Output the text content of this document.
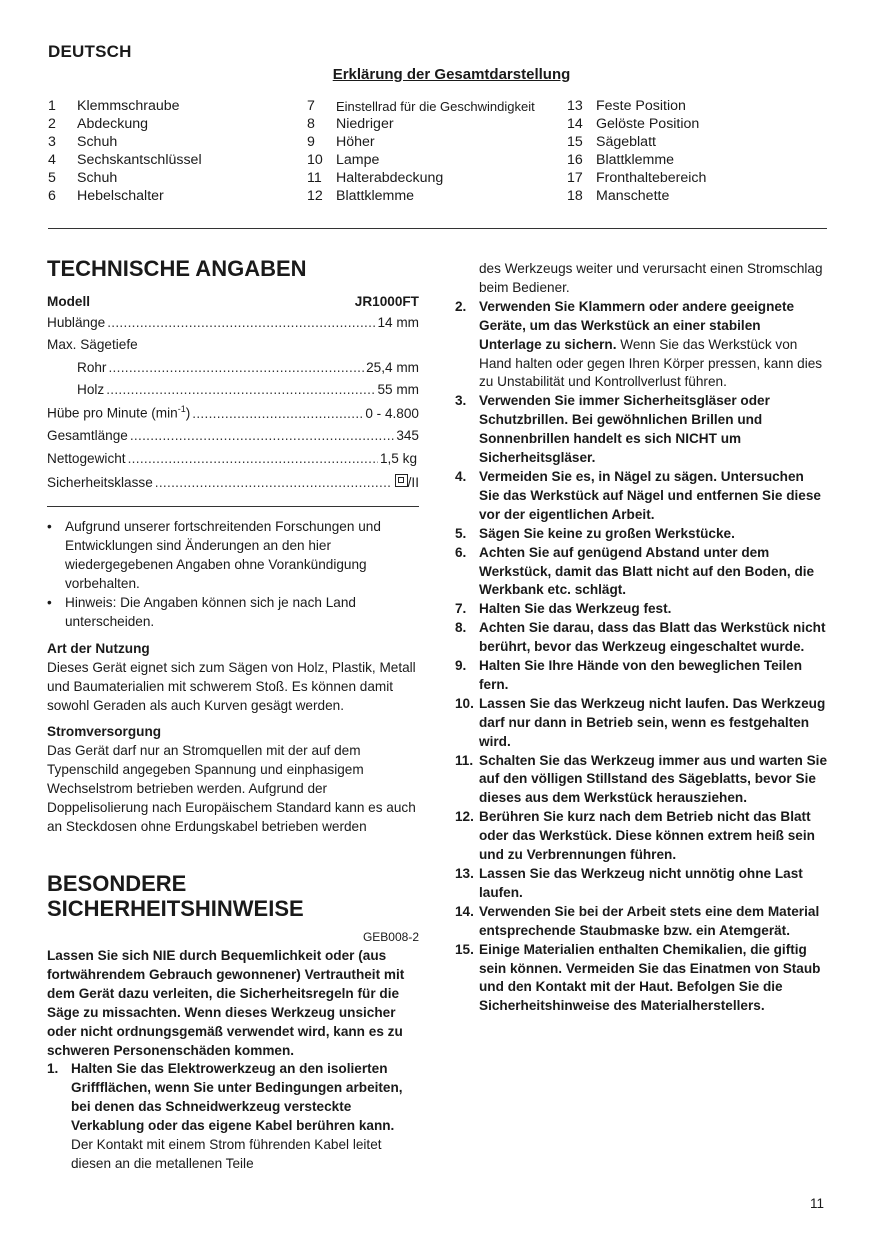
DEUTSCH
Erklärung der Gesamtdarstellung
1	Klemmschraube
2	Abdeckung
3	Schuh
4	Sechskantschlüssel
5	Schuh
6	Hebelschalter
7	Einstellrad für die Geschwindigkeit
8	Niedriger
9	Höher
10 Lampe
11	Halterabdeckung
12 Blattklemme
13 Feste Position
14 Gelöste Position
15 Sägeblatt
16 Blattklemme
17 Fronthaltebereich
18 Manschette
TECHNISCHE ANGABEN
Modell	JR1000FT
Hublänge .....	14 mm
Max. Sägetiefe
Rohr .....	25,4 mm
Holz .....	55 mm
Hübe pro Minute $(\min^{-1})$ .....	0 - 4.800
Gesamtlänge .....	345
Nettogewicht .....	1,5 kg
Sicherheitsklasse .....	/II
• Aufgrund unserer fortschreitenden Forschungen und Entwicklungen sind Änderungen an den hier wiedergegebenen Angaben ohne Vorankündigung vorbehalten.
• Hinweis: Die Angaben können sich je nach Land unterscheiden.
Art der Nutzung
Dieses Gerät eignet sich zum Sägen von Holz, Plastik, Metall und Baumaterialien mit schwerem Stoß. Es können damit sowohl Geraden als auch Kurven gesägt werden.
Stromversorgung
Das Gerät darf nur an Stromquellen mit der auf dem Typenschild angegeben Spannung und einphasigem Wechselstrom betrieben werden. Aufgrund der Doppelisolierung nach Europäischem Standard kann es auch an Steckdosen ohne Erdungskabel betrieben werden
BESONDERE
SICHERHEITSHINWEISE
GEB008-2
Lassen Sie sich NIE durch Bequemlichkeit oder (aus fortwährendem Gebrauch gewonnener) Vertrautheit mit dem Gerät dazu verleiten, die Sicherheitsregeln für die Säge zu missachten. Wenn dieses Werkzeug unsicher oder nicht ordnungsgemäß verwendet wird, kann es zu schweren Personenschäden kommen.
1. Halten Sie das Elektrowerkzeug an den isolierten Griffflächen, wenn Sie unter Bedingungen arbeiten, bei denen das Schneidwerkzeug versteckte Verkablung oder das eigene Kabel berühren kann. Der Kontakt mit einem Strom führenden Kabel leitet diesen an die metallenen Teile
des Werkzeugs weiter und verursacht einen Stromschlag beim Bediener.
2. Verwenden Sie Klammern oder andere geeignete Geräte, um das Werkstück an einer stabilen Unterlage zu sichern. Wenn Sie das Werkstück von Hand halten oder gegen Ihren Körper pressen, kann dies zu Unstabilität und Kontrollverlust führen.
3. Verwenden Sie immer Sicherheitsgläser oder Schutzbrillen. Bei gewöhnlichen Brillen und Sonnenbrillen handelt es sich NICHT um Sicherheitsgläser.
4. Vermeiden Sie es, in Nägel zu sägen. Untersuchen Sie das Werkstück auf Nägel und entfernen Sie diese vor der eigentlichen Arbeit.
5. Sägen Sie keine zu großen Werkstücke.
6. Achten Sie auf genügend Abstand unter dem Werkstück, damit das Blatt nicht auf den Boden, die Werkbank etc. schlägt.
7. Halten Sie das Werkzeug fest.
8. Achten Sie darau, dass das Blatt das Werkstück nicht berührt, bevor das Werkzeug eingeschaltet wurde.
9. Halten Sie Ihre Hände von den beweglichen Teilen fern.
10. Lassen Sie das Werkzeug nicht laufen. Das Werkzeug darf nur dann in Betrieb sein, wenn es festgehalten wird.
11. Schalten Sie das Werkzeug immer aus und warten Sie auf den völligen Stillstand des Sägeblatts, bevor Sie dieses aus dem Werkstück herausziehen.
12. Berühren Sie kurz nach dem Betrieb nicht das Blatt oder das Werkstück. Diese können extrem heiß sein und zu Verbrennungen führen.
13. Lassen Sie das Werkzeug nicht unnötig ohne Last laufen.
14. Verwenden Sie bei der Arbeit stets eine dem Material entsprechende Staubmaske bzw. ein Atemgerät.
15. Einige Materialien enthalten Chemikalien, die giftig sein können. Vermeiden Sie das Einatmen von Staub und den Kontakt mit der Haut. Befolgen Sie die Sicherheitshinweise des Materialherstellers.
11
